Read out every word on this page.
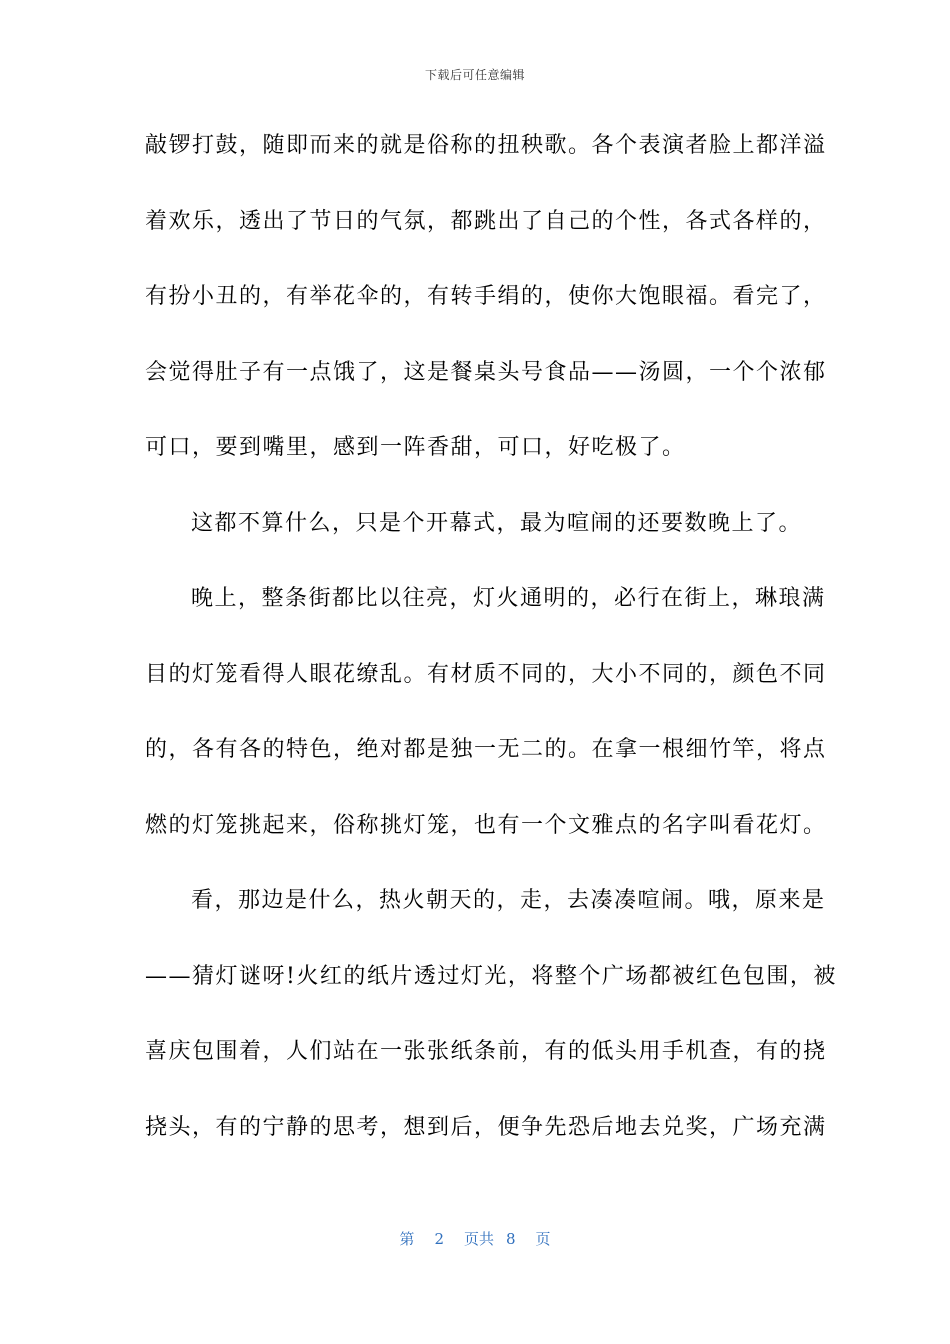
下载后可任意编辑
敲锣打鼓，随即而来的就是俗称的扭秧歌。各个表演者脸上都洋溢
着欢乐，透出了节日的气氛，都跳出了自己的个性，各式各样的，
有扮小丑的，有举花伞的，有转手绢的，使你大饱眼福。看完了，
会觉得肚子有一点饿了，这是餐桌头号食品——汤圆，一个个浓郁
可口，要到嘴里，感到一阵香甜，可口，好吃极了。
这都不算什么，只是个开幕式，最为喧闹的还要数晚上了。
晚上，整条街都比以往亮，灯火通明的，必行在街上，琳琅满
目的灯笼看得人眼花缭乱。有材质不同的，大小不同的，颜色不同
的，各有各的特色，绝对都是独一无二的。在拿一根细竹竿，将点
燃的灯笼挑起来，俗称挑灯笼，也有一个文雅点的名字叫看花灯。
看，那边是什么，热火朝天的，走，去凑凑喧闹。哦，原来是
——猜灯谜呀!火红的纸片透过灯光，将整个广场都被红色包围，被
喜庆包围着，人们站在一张张纸条前，有的低头用手机查，有的挠
挠头，有的宁静的思考，想到后，便争先恐后地去兑奖，广场充满
第 2 页共 8 页
